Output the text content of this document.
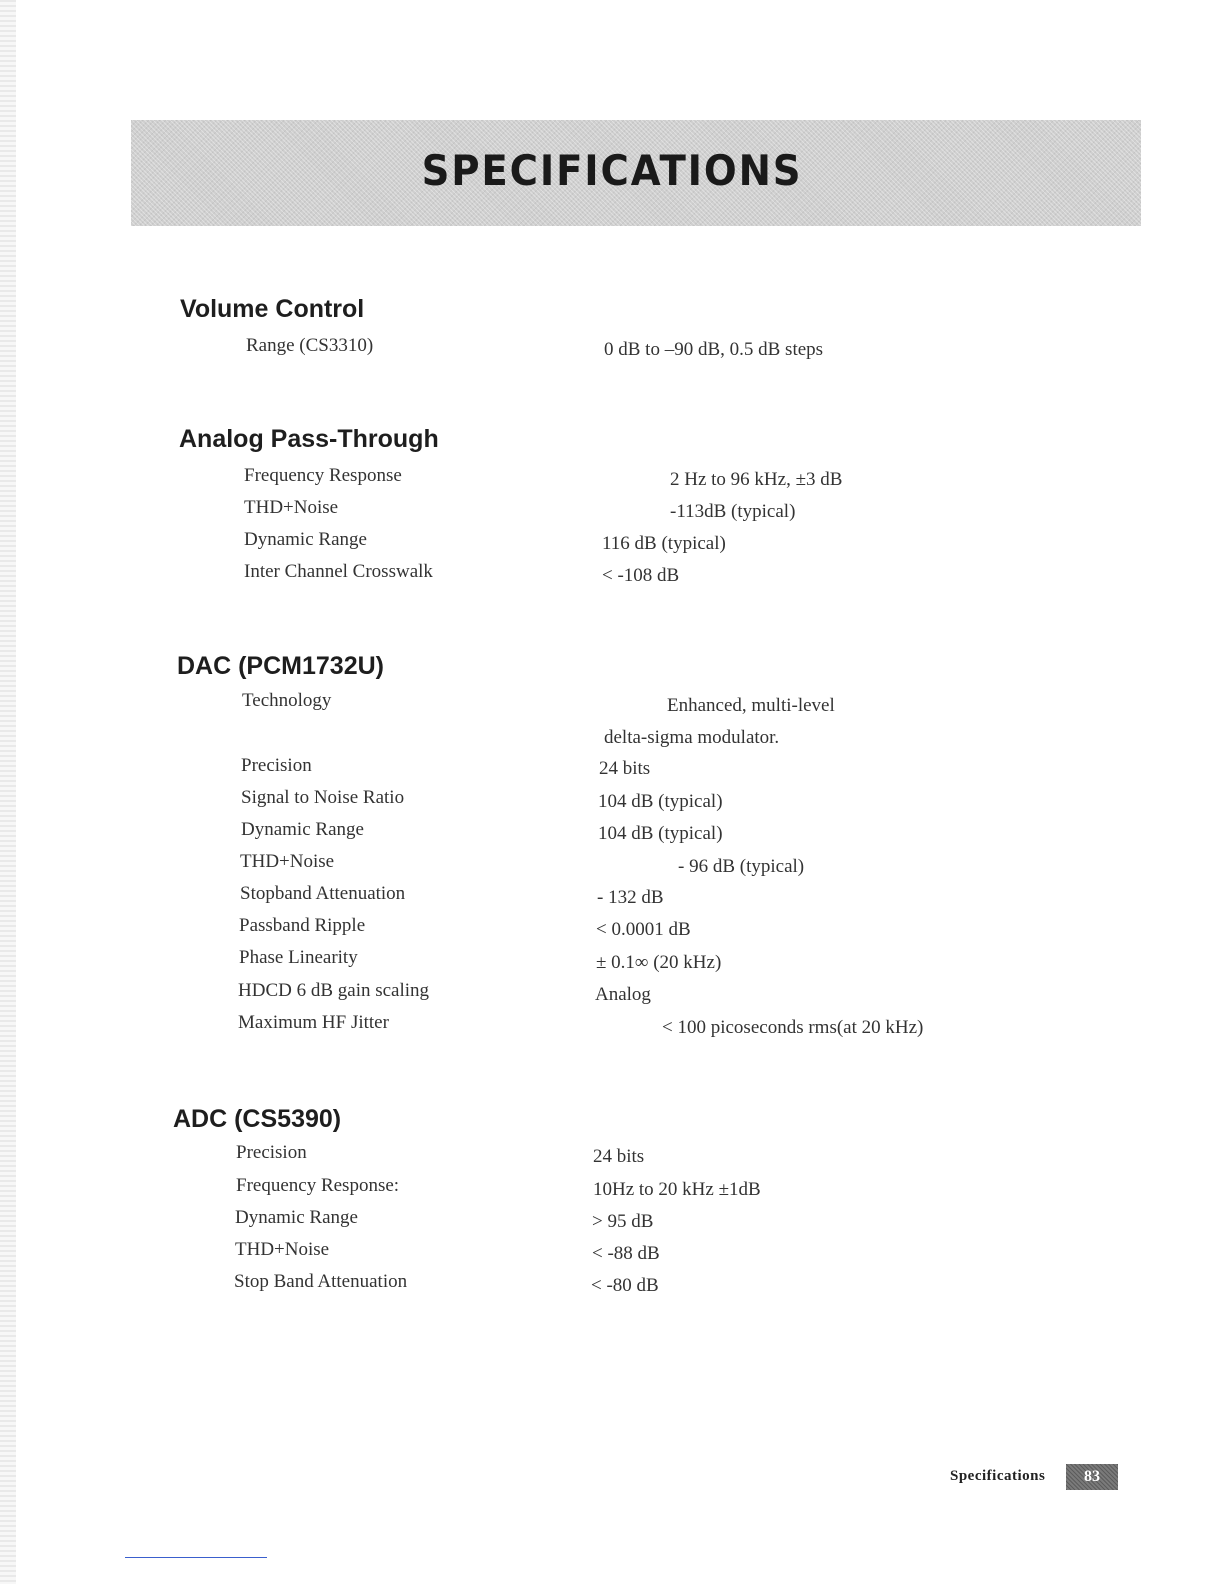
SPECIFICATIONS
Volume Control
Range (CS3310)	0 dB to –90 dB, 0.5 dB steps
Analog Pass-Through
Frequency Response	2 Hz to 96 kHz, ±3 dB
THD+Noise	-113dB (typical)
Dynamic Range	116 dB (typical)
Inter Channel Crosswalk	< -108 dB
DAC (PCM1732U)
Technology	Enhanced, multi-level
delta-sigma modulator.
Precision	24 bits
Signal to Noise Ratio	104 dB (typical)
Dynamic Range	104 dB (typical)
THD+Noise	- 96 dB (typical)
Stopband Attenuation	- 132 dB
Passband Ripple	< 0.0001 dB
Phase Linearity	± 0.1∞ (20 kHz)
HDCD 6 dB gain scaling	Analog
Maximum HF Jitter	< 100 picoseconds rms(at 20 kHz)
ADC (CS5390)
Precision	24 bits
Frequency Response:	10Hz to 20 kHz ±1dB
Dynamic Range	> 95 dB
THD+Noise	< -88 dB
Stop Band Attenuation	< -80 dB
Specifications	83
